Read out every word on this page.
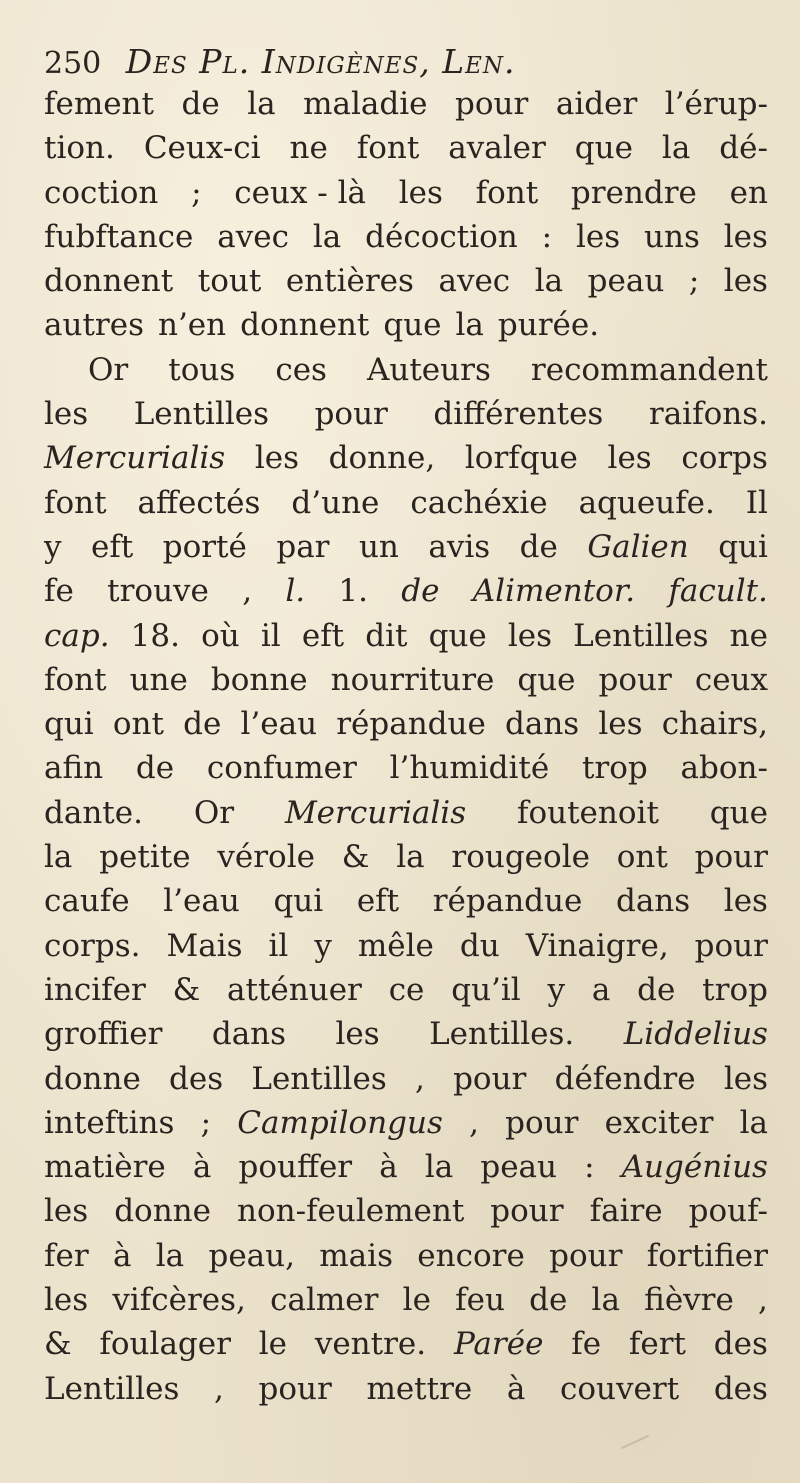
250 Des Pl. Indigènes, Len.
fement de la maladie pour aider l’érup-
tion. Ceux-ci ne font avaler que la dé-
coction ; ceux - là les font prendre en
fubftance avec la décoction : les uns les
donnent tout entières avec la peau ; les
autres n’en donnent que la purée.
Or tous ces Auteurs recommandent
les Lentilles pour différentes raifons.
Mercurialis les donne, lorfque les corps
font affectés d’une cachéxie aqueufe. Il
y eft porté par un avis de Galien qui
fe trouve , l. 1. de Alimentor. facult.
cap. 18. où il eft dit que les Lentilles ne
font une bonne nourriture que pour ceux
qui ont de l’eau répandue dans les chairs,
afin de confumer l’humidité trop abon-
dante. Or Mercurialis foutenoit que
la petite vérole & la rougeole ont pour
caufe l’eau qui eft répandue dans les
corps. Mais il y mêle du Vinaigre, pour
incifer & atténuer ce qu’il y a de trop
groffier dans les Lentilles. Liddelius
donne des Lentilles , pour défendre les
inteftins ; Campilongus , pour exciter la
matière à pouffer à la peau : Augénius
les donne non-feulement pour faire pouf-
fer à la peau, mais encore pour fortifier
les vifcères, calmer le feu de la fièvre ,
& foulager le ventre. Parée fe fert des
Lentilles , pour mettre à couvert des
